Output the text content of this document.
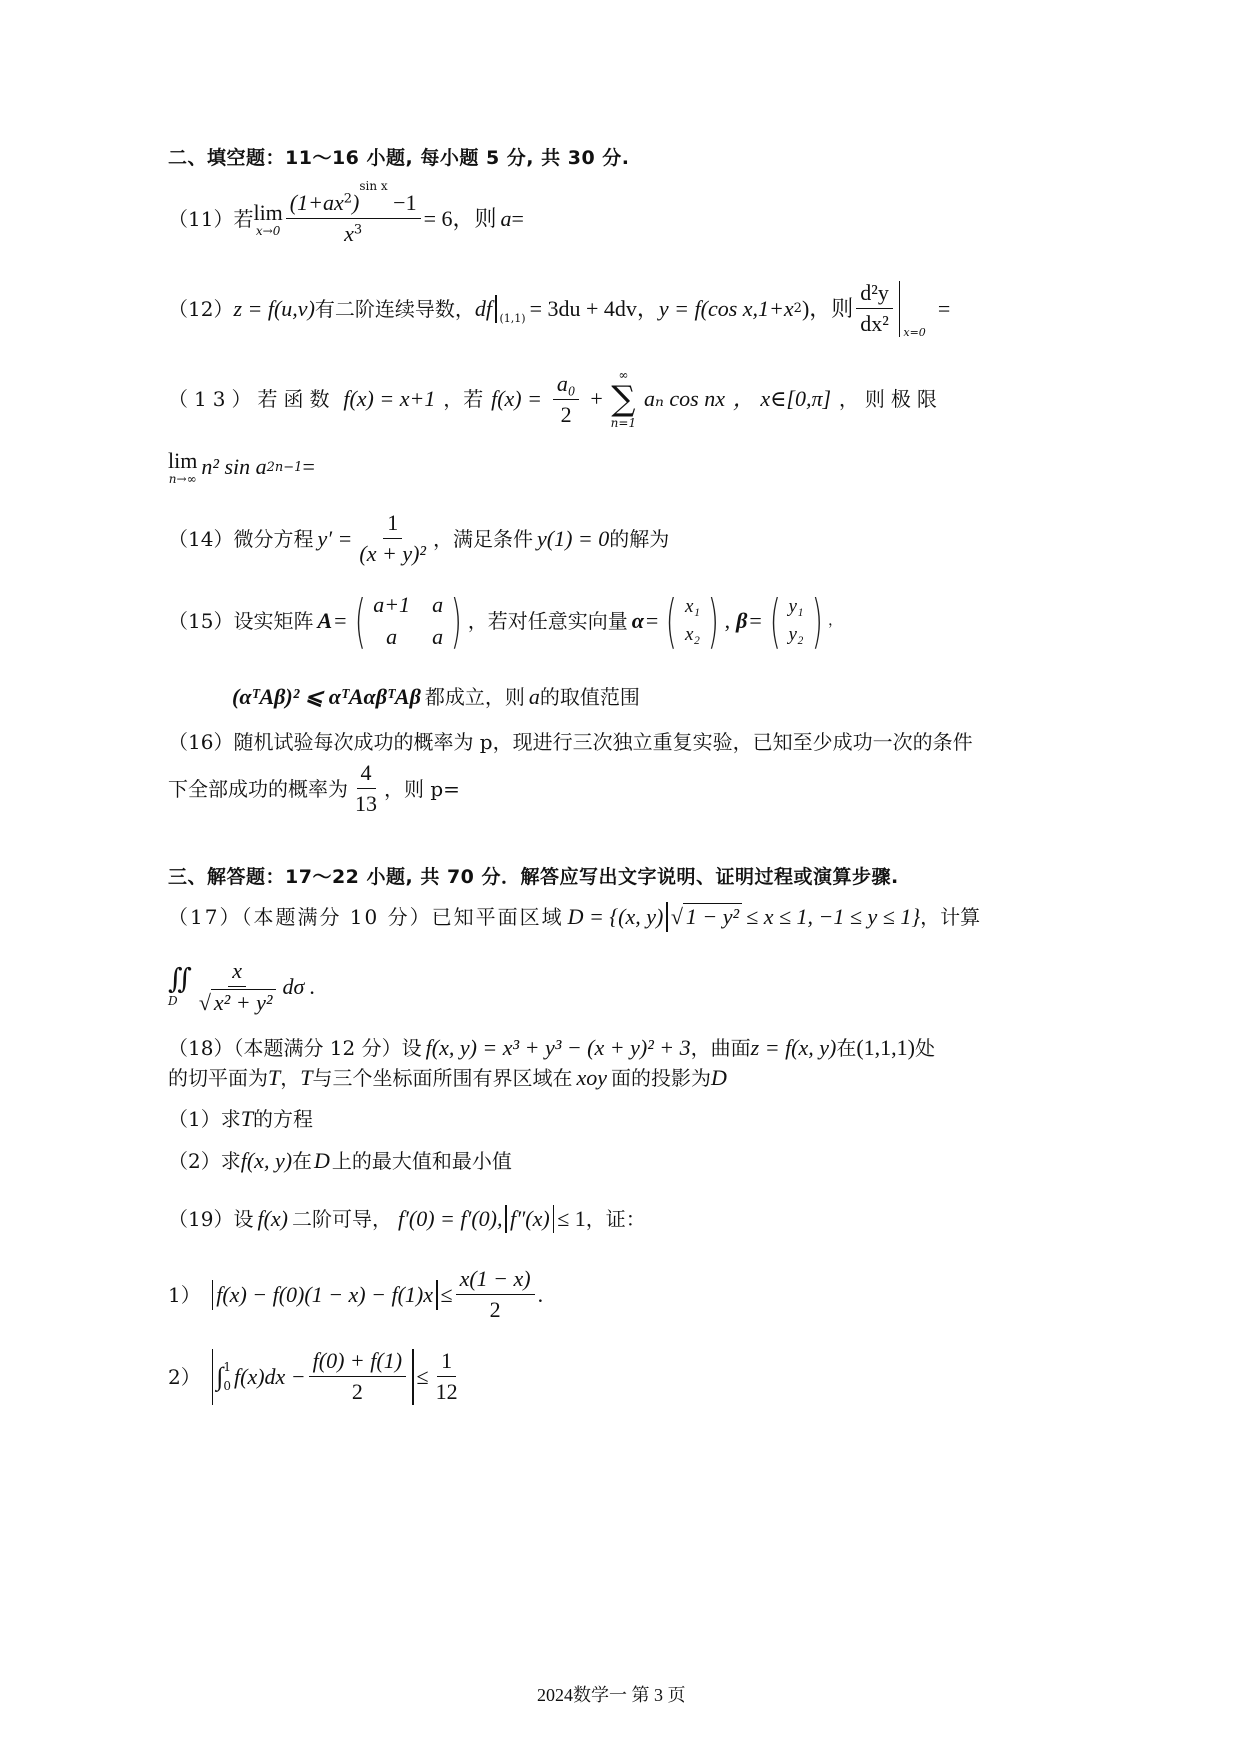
二、填空题：11～16 小题, 每小题 5 分, 共 30 分.
（11）若 lim
$x\to 0 \frac{(1+ax^2)^{sin x} -1}{x^3} = 6$，则 a =
（12） z = f(u,v) 有二阶连续导数， df (1,1) = 3du + 4dv， y = f(cos x,1+x 2 )，则 $\frac{\text{d²y}}{\text{dx²}} x=0$
=
（13）若函数 f(x) = x+1 ，若 $f(x) = \frac{\text{a₀}}{2}$ +
∞
∑
n=1
aₙ cos nx ， x∈[0,π] ，则极限
lim
n→∞
n² sin a 2n−1 =
（14）微分方程 $y' = \frac{1}{\text{(x + y)²}}$ ，满足条件 y(1) = 0 的解为
（15）设实矩阵 A = ( a+1 a
a	a ) ，若对任意实向量 α = ( x₁
x₂ ) , β = ( y₁
y₂ ) ，
(αᵀAβ)² ⩽ αᵀAαβᵀAβ 都成立，则 a 的取值范围
（16）随机试验每次成功的概率为 p，现进行三次独立重复实验，已知至少成功一次的条件
下全部成功的概率为 $\frac{4}{13}$ ，则 p=
三、解答题：17～22 小题, 共 70 分．解答应写出文字说明、证明过程或演算步骤.
（17）（本题满分 10 分）已知平面区域 D = {(x, y) √ 1 − y² ≤ x ≤ 1, −1 ≤ y ≤ 1} ，计算
∬
D $\frac{x}{\text{√ x² + y²}}$ dσ .
（18）（本题满分 12 分）设 f(x, y) = x³ + y³ − (x + y)² + 3 ，曲面 z = f(x, y) 在 (1,1,1) 处
的切平面为 T ， T 与三个坐标面所围有界区域在 xoy 面的投影为 D
（1）求 T 的方程
（2）求 f(x, y) 在 D 上的最大值和最小值
（19）设 f(x) 二阶可导， f′(0) = f′(0), f″(x) ≤ 1 ，证：
1） $f(x) - f(0)(1 - x) - f(1)x \le \frac{x(1 - x)}{2}$ .
2） ∫ 1
0 $f(x)dx - \frac{f(0) + f(1)}{2} \le \frac{1}{12}$
2024数学一 第 3 页
